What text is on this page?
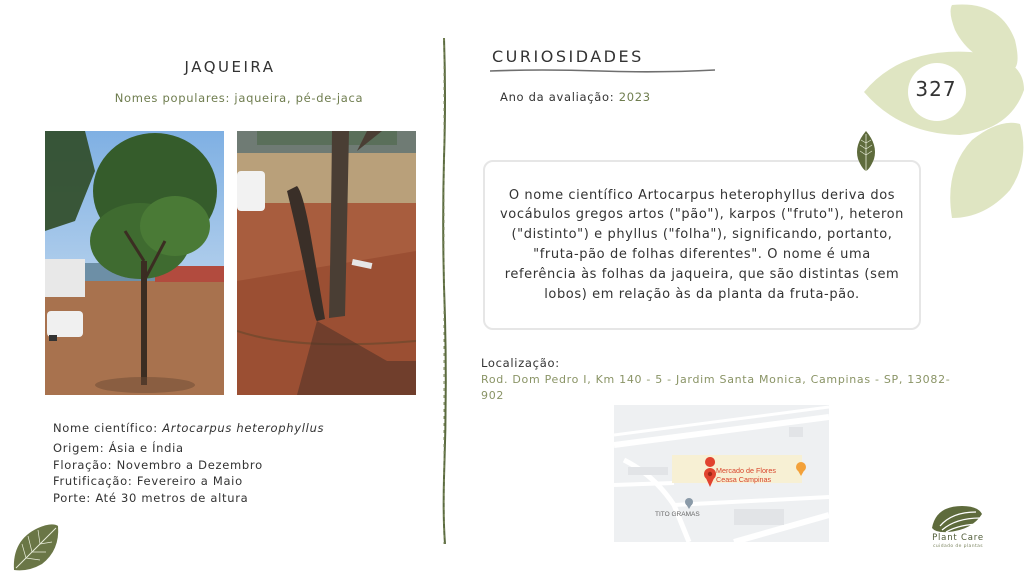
JAQUEIRA
Nomes populares: jaqueira, pé-de-jaca
Nome científico: Artocarpus heterophyllus
Origem: Ásia e Índia
Floração: Novembro a Dezembro
Frutificação: Fevereiro a Maio
Porte: Até 30 metros de altura
CURIOSIDADES
Ano da avaliação: 2023
O nome científico Artocarpus heterophyllus deriva dos vocábulos gregos artos ("pão"), karpos ("fruto"), heteron ("distinto") e phyllus ("folha"), significando, portanto, "fruta-pão de folhas diferentes". O nome é uma referência às folhas da jaqueira, que são distintas (sem lobos) em relação às da planta da fruta-pão.
Localização:
Rod. Dom Pedro I, Km 140 - 5 - Jardim Santa Monica, Campinas - SP, 13082-902
Mercado de Flores
Ceasa Campinas
TITO GRAMAS
327
Plant Care
cuidado de plantas
